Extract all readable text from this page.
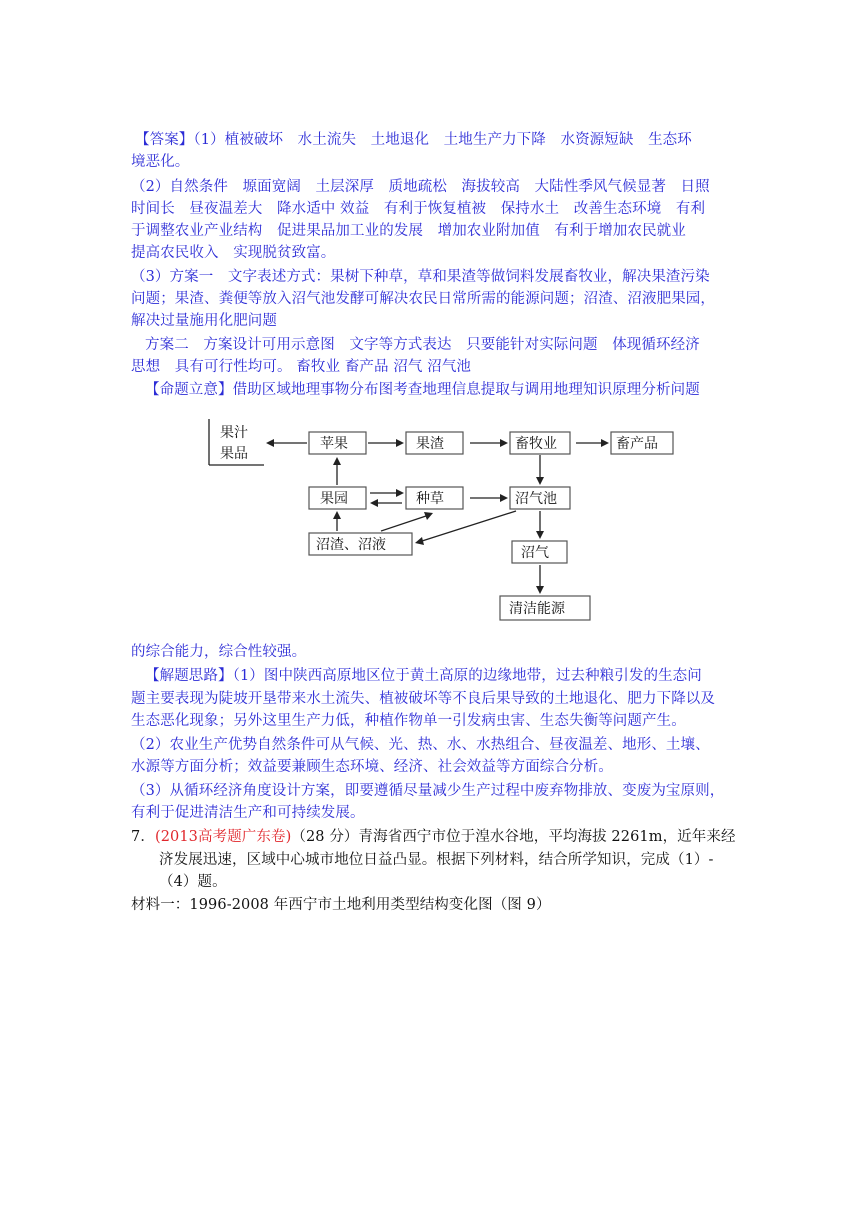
【答案】（1）植被破坏　水土流失　土地退化　土地生产力下降　水资源短缺　生态环
境恶化。
（2）自然条件　塬面宽阔　土层深厚　质地疏松　海拔较高　大陆性季风气候显著　日照
时间长　昼夜温差大　降水适中 效益　有利于恢复植被　保持水土　改善生态环境　有利
于调整农业产业结构　促进果品加工业的发展　增加农业附加值　有利于增加农民就业
提高农民收入　实现脱贫致富。
（3）方案一　文字表述方式：果树下种草，草和果渣等做饲料发展畜牧业，解决果渣污染
问题；果渣、粪便等放入沼气池发酵可解决农民日常所需的能源问题；沼渣、沼液肥果园，
解决过量施用化肥问题
方案二　方案设计可用示意图　文字等方式表达　只要能针对实际问题　体现循环经济
思想　具有可行性均可。 畜牧业 畜产品 沼气 沼气池
【命题立意】借助区域地理事物分布图考查地理信息提取与调用地理知识原理分析问题
果汁
果品
苹果	果渣	畜牧业	畜产品
果园	种草	沼气池
沼渣、沼液	沼气
清洁能源
的综合能力，综合性较强。
【解题思路】（1）图中陕西高原地区位于黄土高原的边缘地带，过去种粮引发的生态问
题主要表现为陡坡开垦带来水土流失、植被破坏等不良后果导致的土地退化、肥力下降以及
生态恶化现象；另外这里生产力低，种植作物单一引发病虫害、生态失衡等问题产生。
（2）农业生产优势自然条件可从气候、光、热、水、水热组合、昼夜温差、地形、土壤、
水源等方面分析；效益要兼顾生态环境、经济、社会效益等方面综合分析。
（3）从循环经济角度设计方案，即要遵循尽量减少生产过程中废弃物排放、变废为宝原则，
有利于促进清洁生产和可持续发展。
7．(2013高考题广东卷)（28 分）青海省西宁市位于湟水谷地，平均海拔 2261m，近年来经
济发展迅速，区域中心城市地位日益凸显。根据下列材料，结合所学知识，完成（1）-
（4）题。
材料一：1996-2008 年西宁市土地利用类型结构变化图（图 9）
